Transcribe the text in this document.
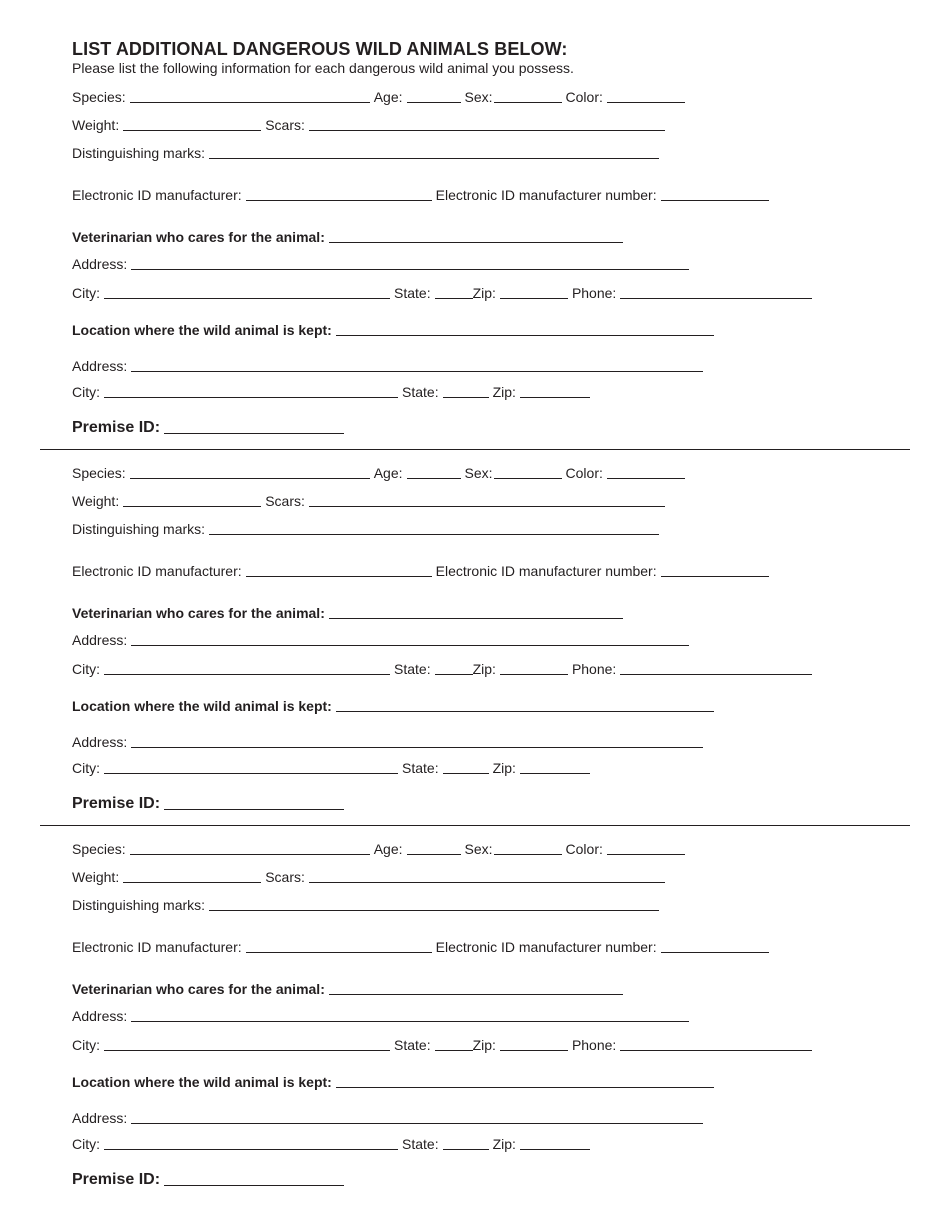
LIST ADDITIONAL DANGEROUS WILD ANIMALS BELOW:
Please list the following information for each dangerous wild animal you possess.
Species:	Age:	Sex:	Color:
Weight:	Scars:
Distinguishing marks:
Electronic ID manufacturer:	Electronic ID manufacturer number:
Veterinarian who cares for the animal:
Address:
City:	State:	Zip:	Phone:
Location where the wild animal is kept:
Address:
City:	State:	Zip:
Premise ID:
Species:	Age:	Sex:	Color:
Weight:	Scars:
Distinguishing marks:
Electronic ID manufacturer:	Electronic ID manufacturer number:
Veterinarian who cares for the animal:
Address:
City:	State:	Zip:	Phone:
Location where the wild animal is kept:
Address:
City:	State:	Zip:
Premise ID:
Species:	Age:	Sex:	Color:
Weight:	Scars:
Distinguishing marks:
Electronic ID manufacturer:	Electronic ID manufacturer number:
Veterinarian who cares for the animal:
Address:
City:	State:	Zip:	Phone:
Location where the wild animal is kept:
Address:
City:	State:	Zip:
Premise ID:
